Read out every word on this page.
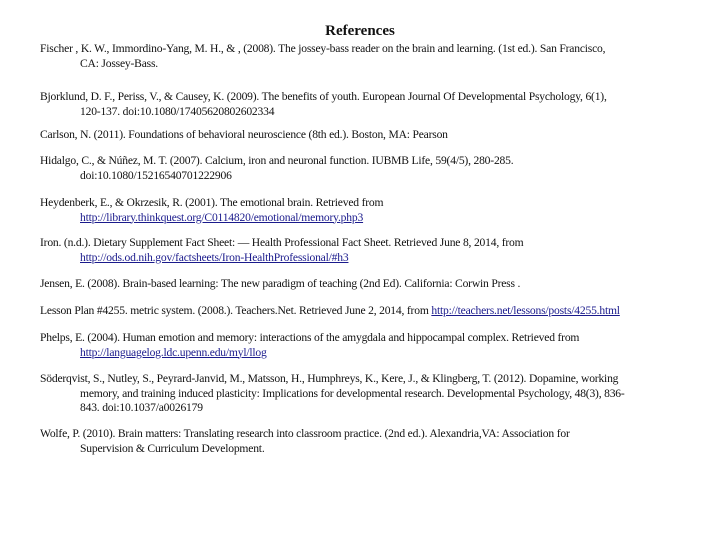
References
Fischer , K. W., Immordino-Yang, M. H., & , (2008). The jossey-bass reader on the brain and learning. (1st ed.). San Francisco,
CA: Jossey-Bass.
Bjorklund, D. F., Periss, V., & Causey, K. (2009). The benefits of youth. European Journal Of Developmental Psychology, 6(1),
120-137. doi:10.1080/17405620802602334
Carlson, N. (2011). Foundations of behavioral neuroscience (8th ed.). Boston, MA: Pearson
Hidalgo, C., & Núñez, M. T. (2007). Calcium, iron and neuronal function. IUBMB Life, 59(4/5), 280-285.
doi:10.1080/15216540701222906
Heydenberk, E., & Okrzesik, R. (2001). The emotional brain. Retrieved from
http://library.thinkquest.org/C0114820/emotional/memory.php3
Iron. (n.d.). Dietary Supplement Fact Sheet: — Health Professional Fact Sheet. Retrieved June 8, 2014, from
http://ods.od.nih.gov/factsheets/Iron-HealthProfessional/#h3
Jensen, E. (2008). Brain-based learning: The new paradigm of teaching (2nd Ed). California: Corwin Press .
Lesson Plan #4255. metric system. (2008.). Teachers.Net. Retrieved June 2, 2014, from http://teachers.net/lessons/posts/4255.html
Phelps, E. (2004). Human emotion and memory: interactions of the amygdala and hippocampal complex. Retrieved from
http://languagelog.ldc.upenn.edu/myl/llog
Söderqvist, S., Nutley, S., Peyrard-Janvid, M., Matsson, H., Humphreys, K., Kere, J., & Klingberg, T. (2012). Dopamine, working
memory, and training induced plasticity: Implications for developmental research. Developmental Psychology, 48(3), 836-
843. doi:10.1037/a0026179
Wolfe, P. (2010). Brain matters: Translating research into classroom practice. (2nd ed.). Alexandria,VA: Association for
Supervision & Curriculum Development.
